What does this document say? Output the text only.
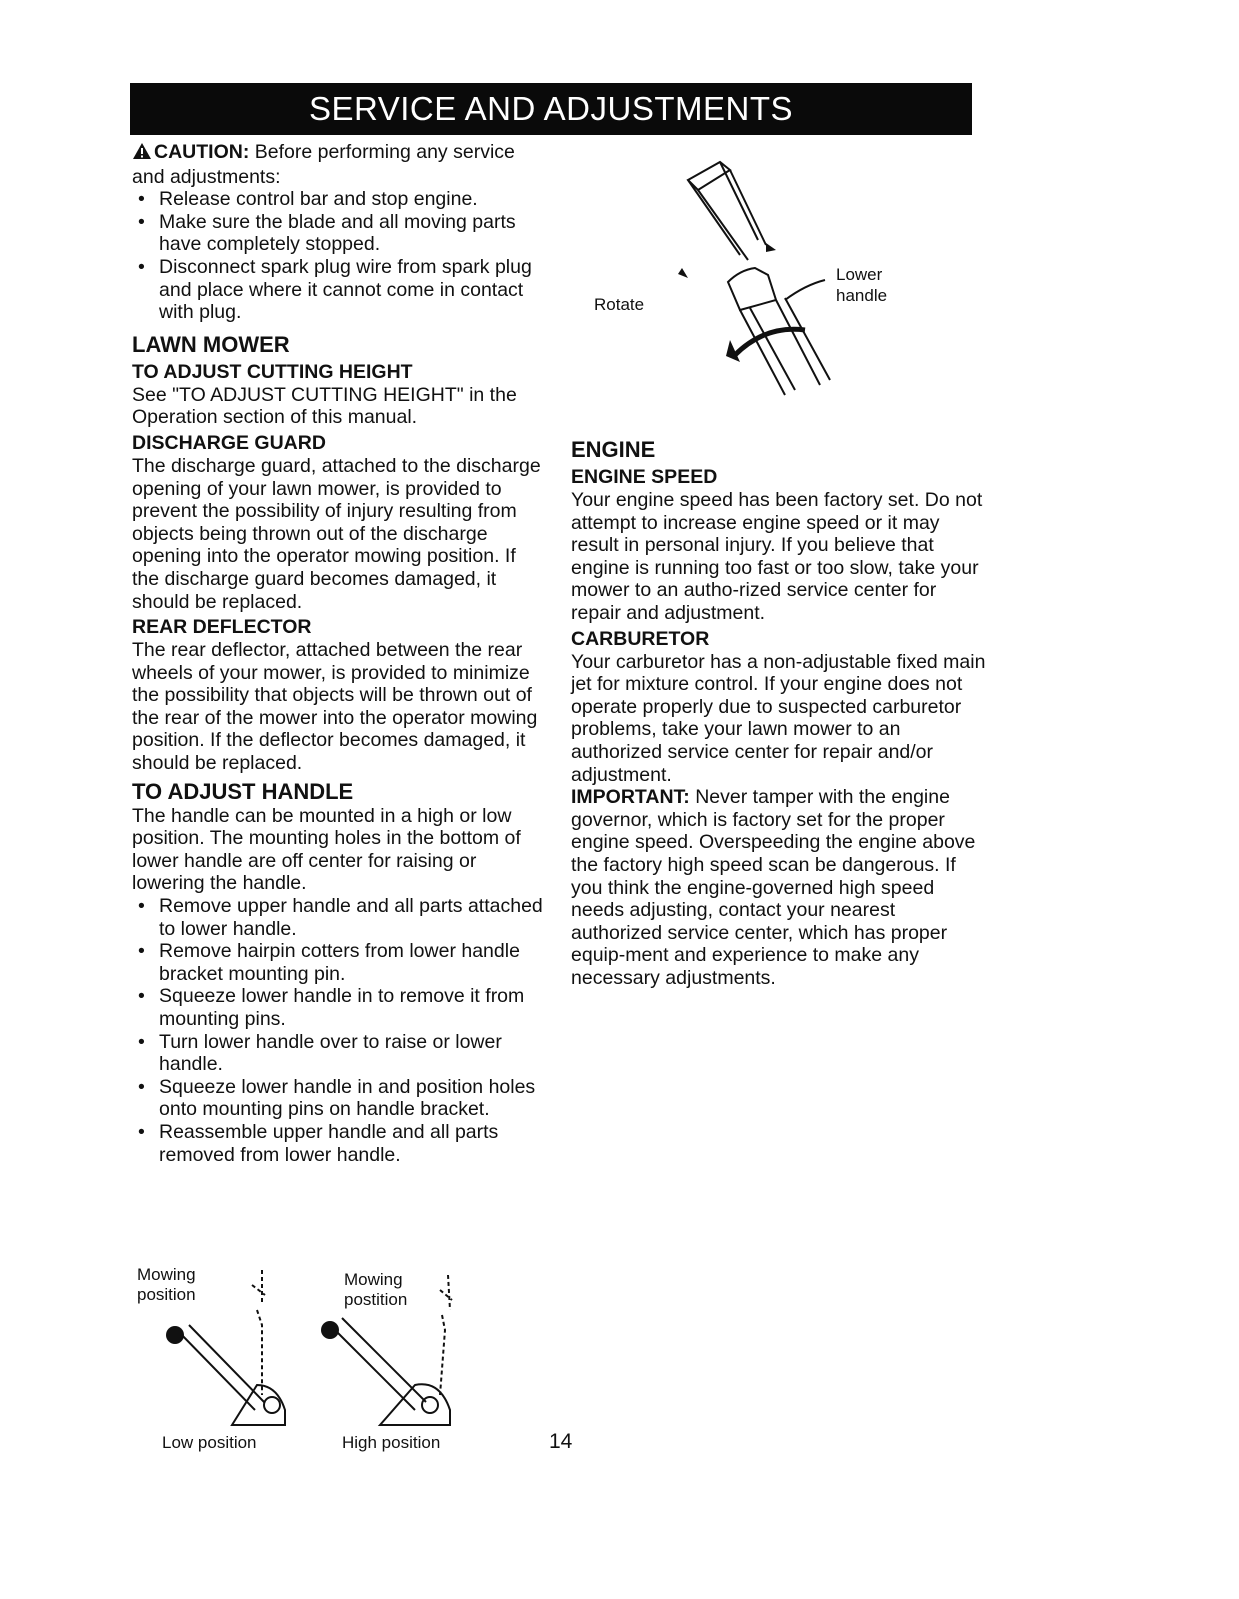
SERVICE AND ADJUSTMENTS

CAUTION: Before performing any service and adjustments:

• Release control bar and stop engine.
• Make sure the blade and all moving parts have completely stopped.
• Disconnect spark plug wire from spark plug and place where it cannot come in contact with plug.
LAWN MOWER
TO ADJUST CUTTING HEIGHT

See "TO ADJUST CUTTING HEIGHT" in the Operation section of this manual.

DISCHARGE GUARD

The discharge guard, attached to the discharge opening of your lawn mower, is provided to prevent the possibility of injury resulting from objects being thrown out of the discharge opening into the operator mowing position. If the discharge guard becomes damaged, it should be replaced.

REAR DEFLECTOR

The rear deflector, attached between the rear wheels of your mower, is provided to minimize the possibility that objects will be thrown out of the rear of the mower into the operator mowing position. If the deflector becomes damaged, it should be replaced.

TO ADJUST HANDLE

The handle can be mounted in a high or low position. The mounting holes in the bottom of lower handle are off center for raising or lowering the handle.

• Remove upper handle and all parts attached to lower handle.
• Remove hairpin cotters from lower handle bracket mounting pin.
• Squeeze lower handle in to remove it from mounting pins.
• Turn lower handle over to raise or lower handle.
• Squeeze lower handle in and position holes onto mounting pins on handle bracket.
• Reassemble upper handle and all parts removed from lower handle.
Rotate
Lower
handle
ENGINE
ENGINE SPEED

Your engine speed has been factory set. Do not attempt to increase engine speed or it may result in personal injury. If you believe that engine is running too fast or too slow, take your mower to an autho-rized service center for repair and adjustment.

CARBURETOR

Your carburetor has a non-adjustable fixed main jet for mixture control. If your engine does not operate properly due to suspected carburetor problems, take your lawn mower to an authorized service center for repair and/or adjustment.

IMPORTANT: Never tamper with the engine governor, which is factory set for the proper engine speed. Overspeeding the engine above the factory high speed scan be dangerous. If you think the engine-governed high speed needs adjusting, contact your nearest authorized service center, which has proper equip-ment and experience to make any necessary adjustments.

Mowing
position
Low position
Mowing
postition
High position	14
